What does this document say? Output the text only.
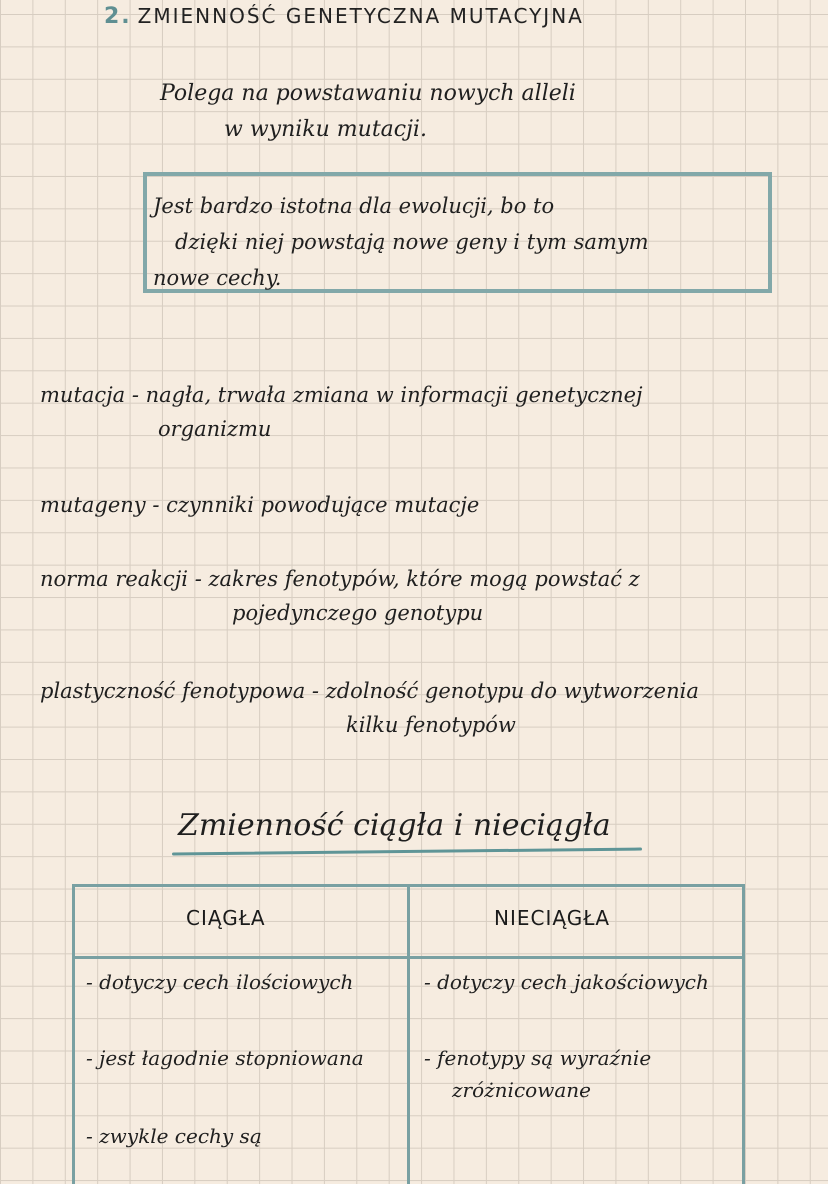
2. ZMIENNOŚĆ GENETYCZNA MUTACYJNA
Polega na powstawaniu nowych alleli
w wyniku mutacji.
Jest bardzo istotna dla ewolucji, bo to
dzięki niej powstają nowe geny i tym samym
nowe cechy.
mutacja - nagła, trwała zmiana w informacji genetycznej
organizmu
mutageny - czynniki powodujące mutacje
norma reakcji - zakres fenotypów, które mogą powstać z
pojedynczego genotypu
plastyczność fenotypowa - zdolność genotypu do wytworzenia
kilku fenotypów
Zmienność ciągła i nieciągła
CIĄGŁA	NIECIĄGŁA
- dotyczy cech ilościowych
- jest łagodnie stopniowana
- zwykle cechy są
- dotyczy cech jakościowych
- fenotypy są wyraźnie
zróżnicowane
